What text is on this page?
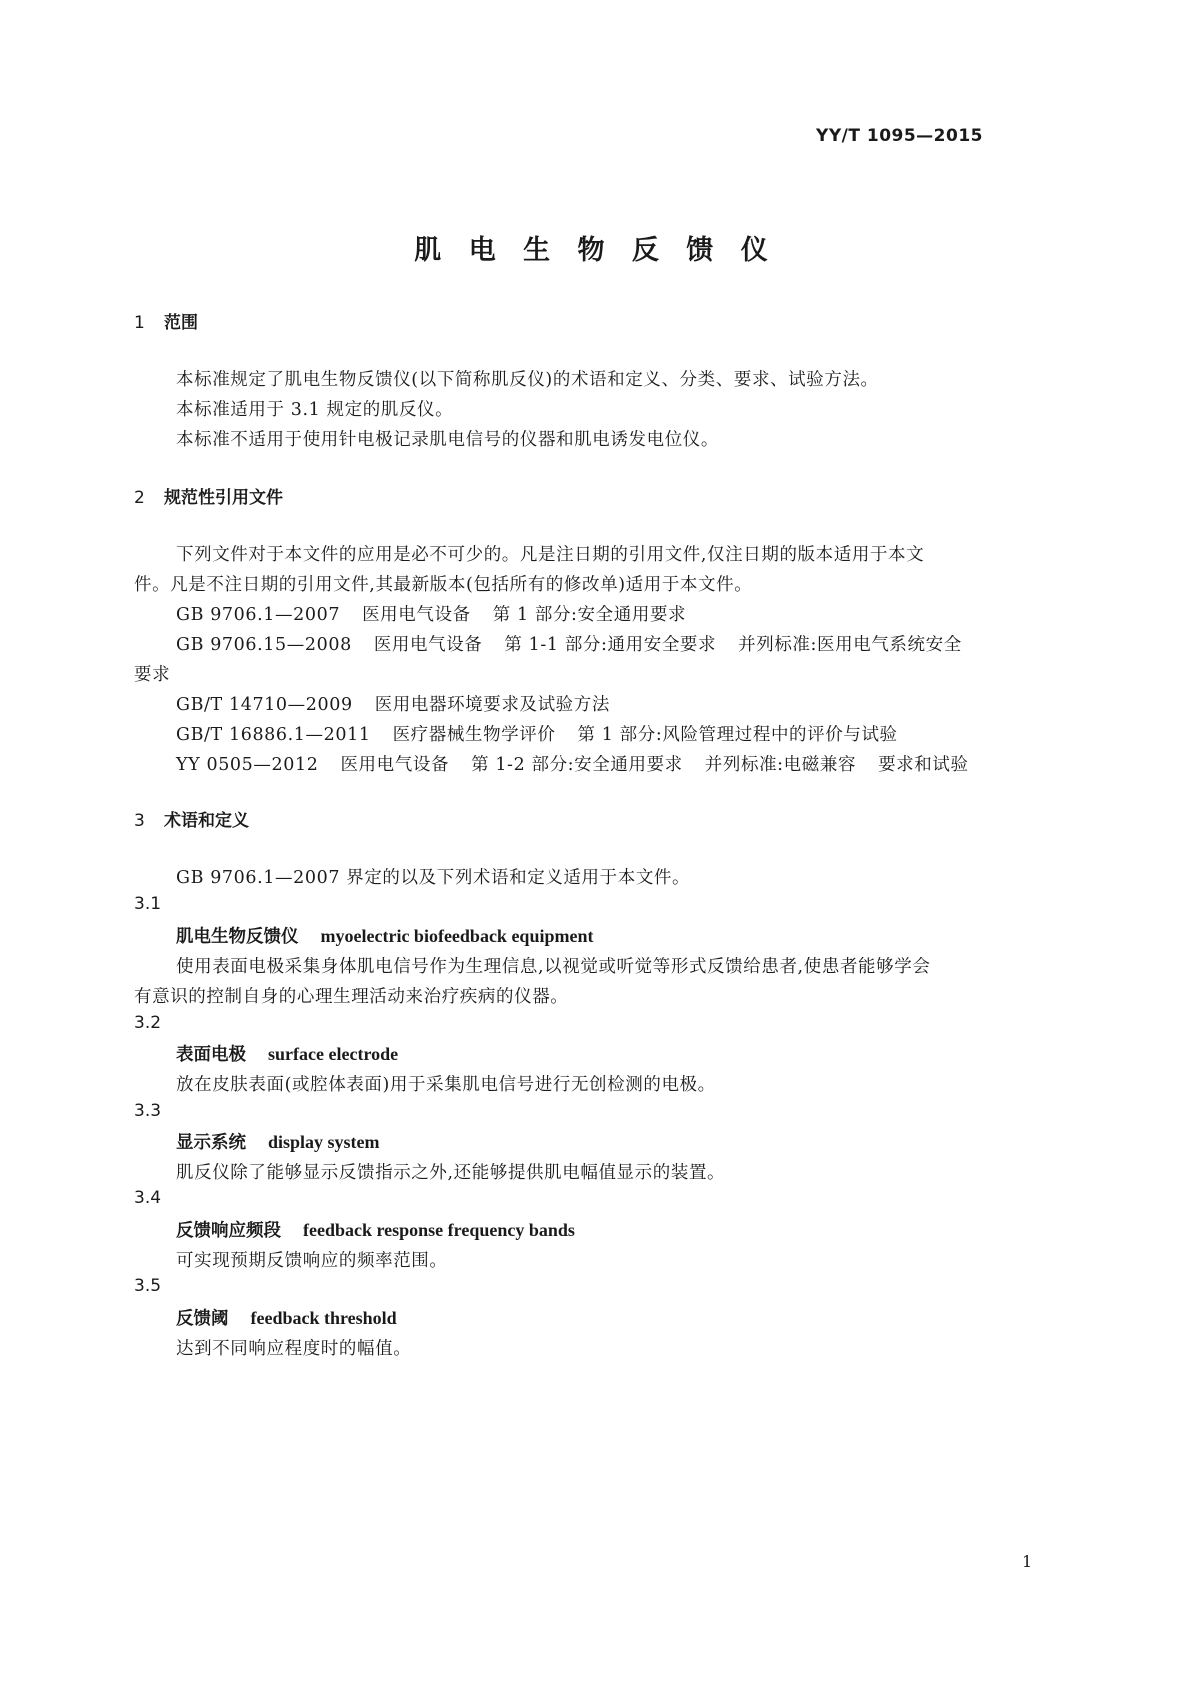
YY/T 1095—2015
肌 电 生 物 反 馈 仪
1 范围
本标准规定了肌电生物反馈仪(以下简称肌反仪)的术语和定义、分类、要求、试验方法。
本标准适用于 3.1 规定的肌反仪。
本标准不适用于使用针电极记录肌电信号的仪器和肌电诱发电位仪。
2 规范性引用文件
下列文件对于本文件的应用是必不可少的。凡是注日期的引用文件,仅注日期的版本适用于本文
件。凡是不注日期的引用文件,其最新版本(包括所有的修改单)适用于本文件。
GB 9706.1—2007 医用电气设备 第 1 部分:安全通用要求
GB 9706.15—2008 医用电气设备 第 1-1 部分:通用安全要求 并列标准:医用电气系统安全
要求
GB/T 14710—2009 医用电器环境要求及试验方法
GB/T 16886.1—2011 医疗器械生物学评价 第 1 部分:风险管理过程中的评价与试验
YY 0505—2012 医用电气设备 第 1-2 部分:安全通用要求 并列标准:电磁兼容 要求和试验
3 术语和定义
GB 9706.1—2007 界定的以及下列术语和定义适用于本文件。
3.1
肌电生物反馈仪 myoelectric biofeedback equipment
使用表面电极采集身体肌电信号作为生理信息,以视觉或听觉等形式反馈给患者,使患者能够学会
有意识的控制自身的心理生理活动来治疗疾病的仪器。
3.2
表面电极 surface electrode
放在皮肤表面(或腔体表面)用于采集肌电信号进行无创检测的电极。
3.3
显示系统 display system
肌反仪除了能够显示反馈指示之外,还能够提供肌电幅值显示的装置。
3.4
反馈响应频段 feedback response frequency bands
可实现预期反馈响应的频率范围。
3.5
反馈阈 feedback threshold
达到不同响应程度时的幅值。
1
